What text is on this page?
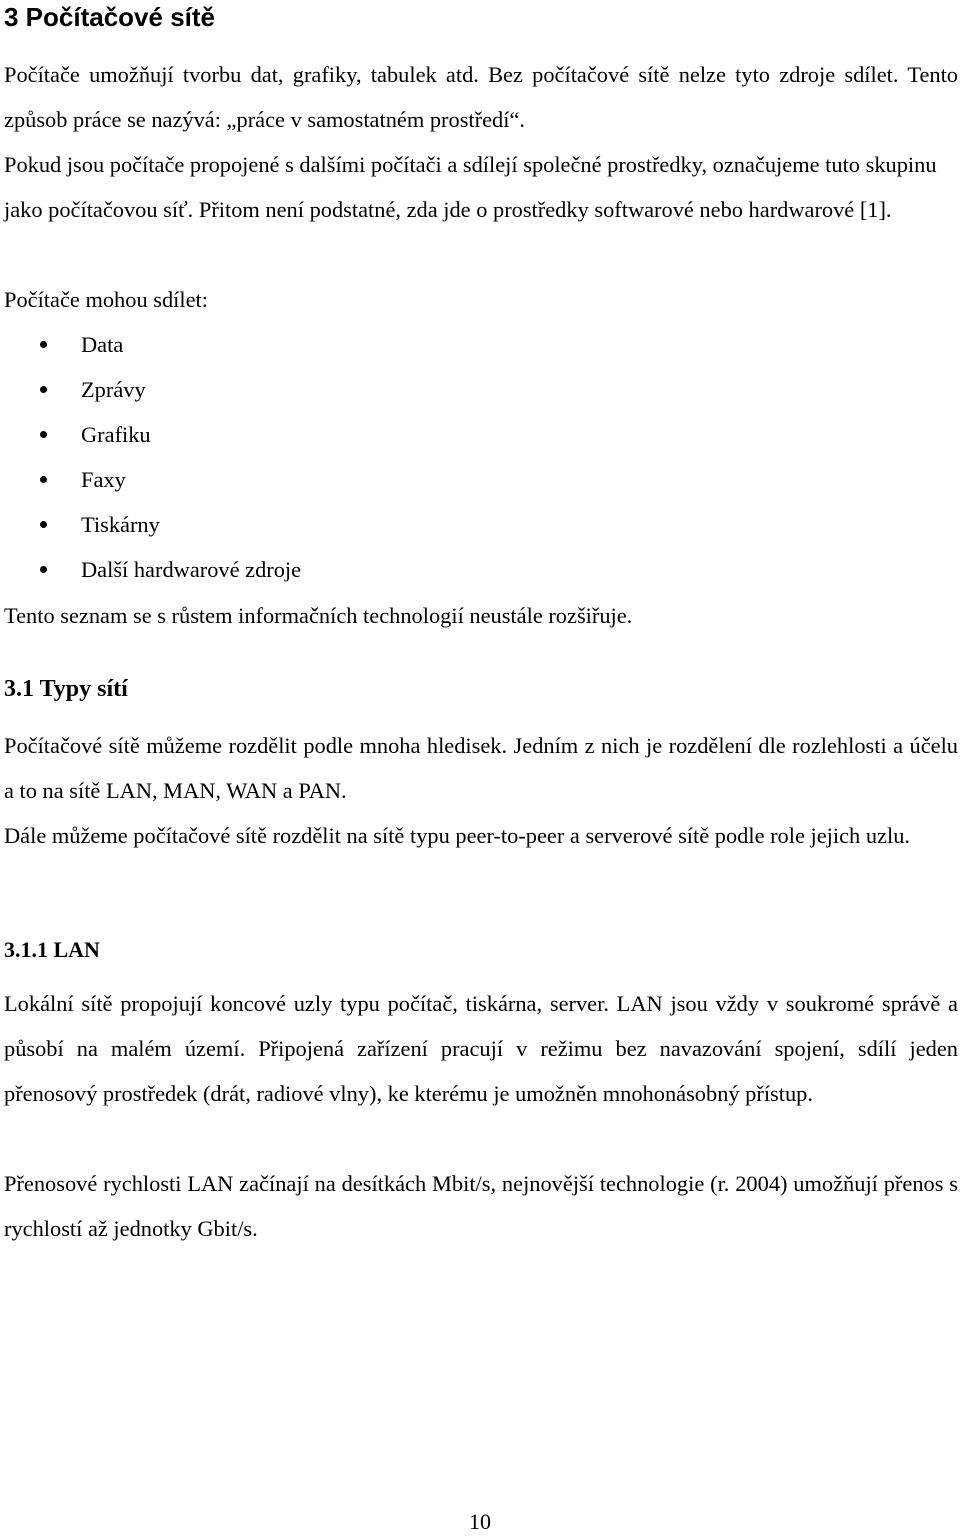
3 Počítačové sítě

Počítače umožňují tvorbu dat, grafiky, tabulek atd. Bez počítačové sítě nelze tyto zdroje sdílet. Tento způsob práce se nazývá: „práce v samostatném prostředí“.

Pokud jsou počítače propojené s dalšími počítači a sdílejí společné prostředky, označujeme tuto skupinu jako počítačovou síť. Přitom není podstatné, zda jde o prostředky softwarové nebo hardwarové [1].

Počítače mohou sdílet:

Data
Zprávy
Grafiku
Faxy
Tiskárny
Další hardwarové zdroje

Tento seznam se s růstem informačních technologií neustále rozšiřuje.

3.1 Typy sítí

Počítačové sítě můžeme rozdělit podle mnoha hledisek. Jedním z nich je rozdělení dle rozlehlosti a účelu a to na sítě LAN, MAN, WAN a PAN.

Dále můžeme počítačové sítě rozdělit na sítě typu peer-to-peer a serverové sítě podle role jejich uzlu.

3.1.1 LAN

Lokální sítě propojují koncové uzly typu počítač, tiskárna, server. LAN jsou vždy v soukromé správě a působí na malém území. Připojená zařízení pracují v režimu bez navazování spojení, sdílí jeden přenosový prostředek (drát, radiové vlny), ke kterému je umožněn mnohonásobný přístup.

Přenosové rychlosti LAN začínají na desítkách Mbit/s, nejnovější technologie (r. 2004) umožňují přenos s rychlostí až jednotky Gbit/s.

10
